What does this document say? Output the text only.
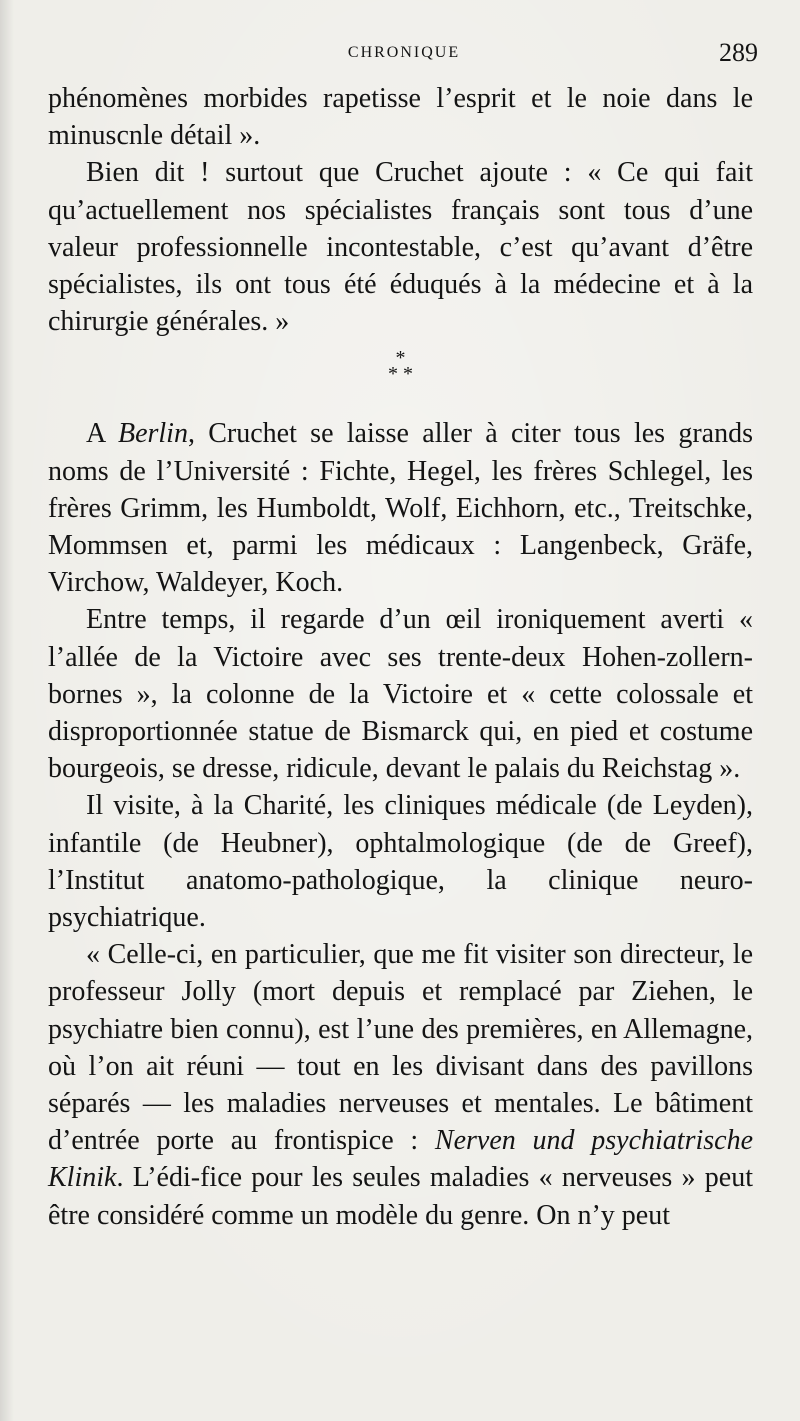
CHRONIQUE	289

phénomènes morbides rapetisse l’esprit et le noie dans le minuscnle détail ».

Bien dit ! surtout que Cruchet ajoute : « Ce qui fait qu’actuellement nos spécialistes français sont tous d’une valeur professionnelle incontestable, c’est qu’avant d’être spécialistes, ils ont tous été éduqués à la médecine et à la chirurgie générales. »

*
* *

A Berlin, Cruchet se laisse aller à citer tous les grands noms de l’Université : Fichte, Hegel, les frères Schlegel, les frères Grimm, les Humboldt, Wolf, Eichhorn, etc., Treitschke, Mommsen et, parmi les médicaux : Langenbeck, Gräfe, Virchow, Waldeyer, Koch.

Entre temps, il regarde d’un œil ironiquement averti « l’allée de la Victoire avec ses trente-deux Hohen-zollern-bornes », la colonne de la Victoire et « cette colossale et disproportionnée statue de Bismarck qui, en pied et costume bourgeois, se dresse, ridicule, devant le palais du Reichstag ».

Il visite, à la Charité, les cliniques médicale (de Leyden), infantile (de Heubner), ophtalmologique (de de Greef), l’Institut anatomo-pathologique, la clinique neuro-psychiatrique.

« Celle-ci, en particulier, que me fit visiter son directeur, le professeur Jolly (mort depuis et remplacé par Ziehen, le psychiatre bien connu), est l’une des premières, en Allemagne, où l’on ait réuni — tout en les divisant dans des pavillons séparés — les maladies nerveuses et mentales. Le bâtiment d’entrée porte au frontispice : Nerven und psychiatrische Klinik. L’édi-fice pour les seules maladies « nerveuses » peut être considéré comme un modèle du genre. On n’y peut
